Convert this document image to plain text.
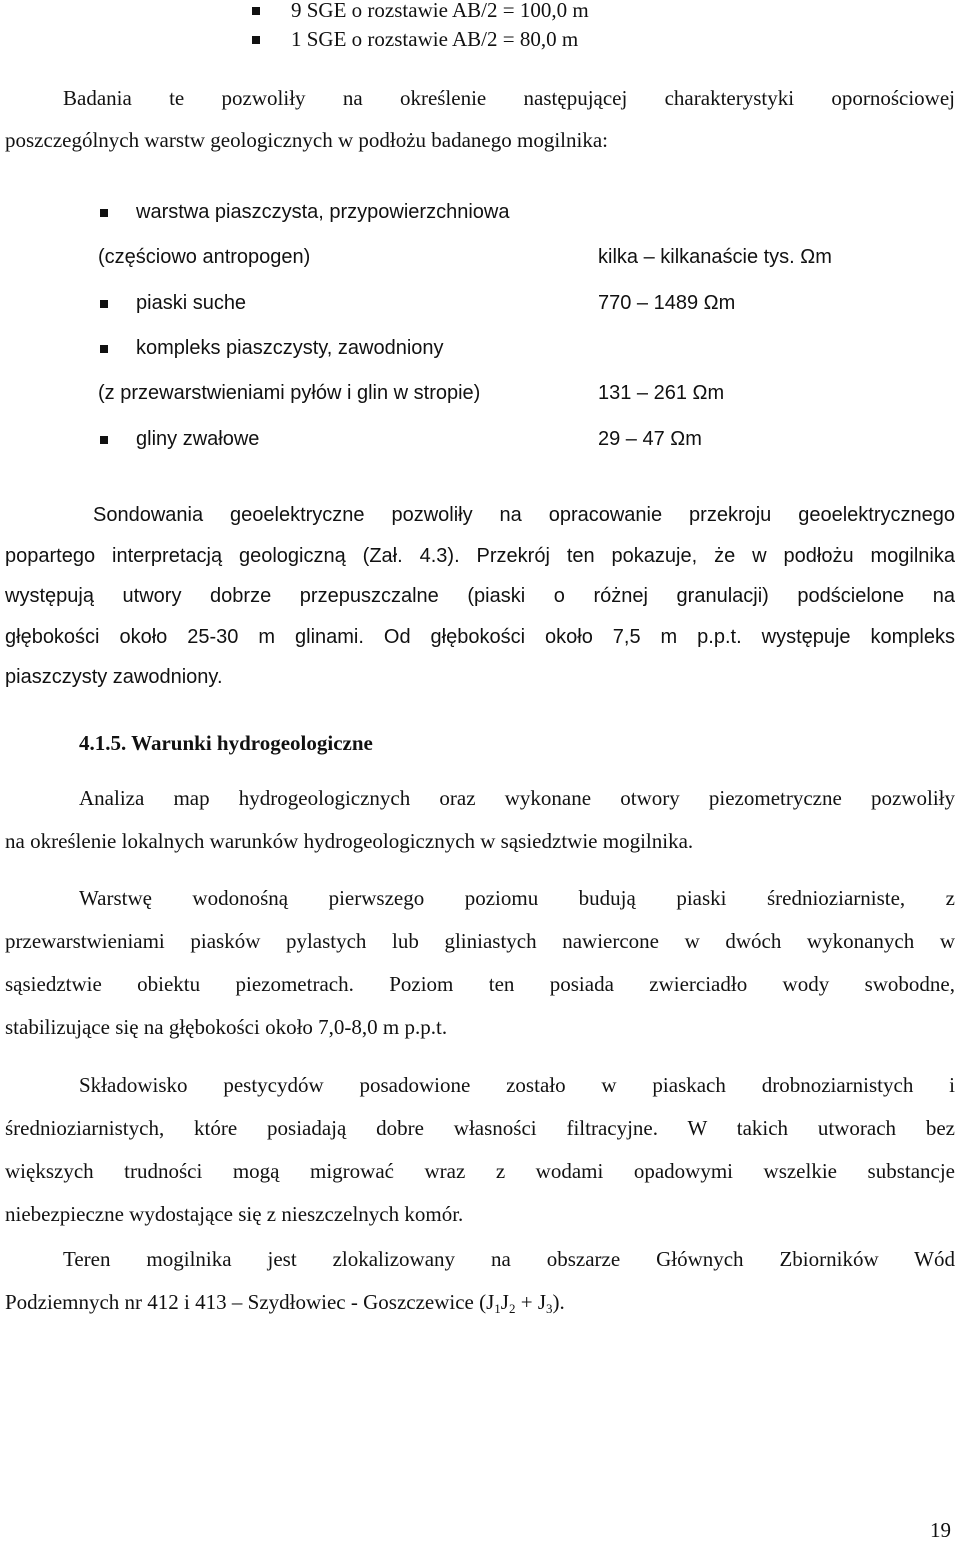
9 SGE o rozstawie AB/2 = 100,0 m
1 SGE o rozstawie AB/2 = 80,0 m
Badania te pozwoliły na określenie następującej charakterystyki opornościowej
poszczególnych warstw geologicznych w podłożu badanego mogilnika:
warstwa piaszczysta, przypowierzchniowa
(częściowo antropogen)	kilka – kilkanaście tys. Ωm
piaski suche	770 – 1489 Ωm
kompleks piaszczysty, zawodniony
(z przewarstwieniami pyłów i glin w stropie)	131 – 261 Ωm
gliny zwałowe	29 – 47 Ωm
Sondowania geoelektryczne pozwoliły na opracowanie przekroju geoelektrycznego
popartego interpretacją geologiczną (Zał. 4.3). Przekrój ten pokazuje, że w podłożu mogilnika
występują utwory dobrze przepuszczalne (piaski o różnej granulacji) podścielone na
głębokości około 25-30 m glinami. Od głębokości około 7,5 m p.p.t. występuje kompleks
piaszczysty zawodniony.
4.1.5. Warunki hydrogeologiczne
Analiza map hydrogeologicznych oraz wykonane otwory piezometryczne pozwoliły
na określenie lokalnych warunków hydrogeologicznych w sąsiedztwie mogilnika.
Warstwę wodonośną pierwszego poziomu budują piaski średnioziarniste, z
przewarstwieniami piasków pylastych lub gliniastych nawiercone w dwóch wykonanych w
sąsiedztwie obiektu piezometrach. Poziom ten posiada zwierciadło wody swobodne,
stabilizujące się na głębokości około 7,0-8,0 m p.p.t.
Składowisko pestycydów posadowione zostało w piaskach drobnoziarnistych i
średnioziarnistych, które posiadają dobre własności filtracyjne. W takich utworach bez
większych trudności mogą migrować wraz z wodami opadowymi wszelkie substancje
niebezpieczne wydostające się z nieszczelnych komór.
Teren mogilnika jest zlokalizowany na obszarze Głównych Zbiorników Wód
Podziemnych nr 412 i 413 – Szydłowiec - Goszczewice $(J_1J_2 + J_3)$.
19
